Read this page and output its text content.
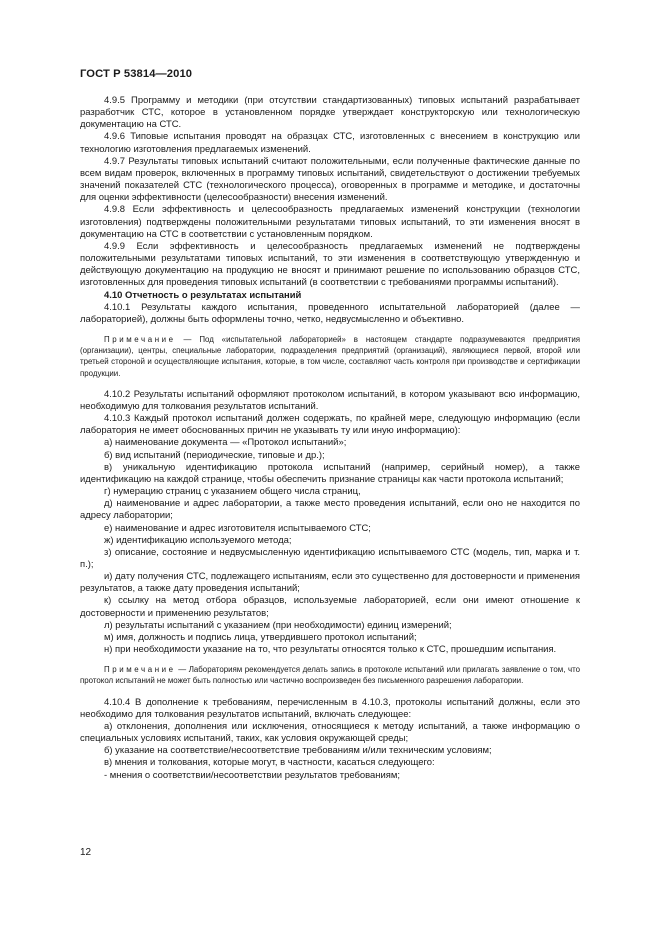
ГОСТ Р 53814—2010

4.9.5 Программу и методики (при отсутствии стандартизованных) типовых испытаний разрабатывает разработчик СТС, которое в установленном порядке утверждает конструкторскую или технологическую документацию на СТС.

4.9.6 Типовые испытания проводят на образцах СТС, изготовленных с внесением в конструкцию или технологию изготовления предлагаемых изменений.

4.9.7 Результаты типовых испытаний считают положительными, если полученные фактические данные по всем видам проверок, включенных в программу типовых испытаний, свидетельствуют о достижении требуемых значений показателей СТС (технологического процесса), оговоренных в программе и методике, и достаточны для оценки эффективности (целесообразности) внесения изменений.

4.9.8 Если эффективность и целесообразность предлагаемых изменений конструкции (технологии изготовления) подтверждены положительными результатами типовых испытаний, то эти изменения вносят в документацию на СТС в соответствии с установленным порядком.

4.9.9 Если эффективность и целесообразность предлагаемых изменений не подтверждены положительными результатами типовых испытаний, то эти изменения в соответствующую утвержденную и действующую документацию на продукцию не вносят и принимают решение по использованию образцов СТС, изготовленных для проведения типовых испытаний (в соответствии с требованиями программы испытаний).

4.10 Отчетность о результатах испытаний

4.10.1 Результаты каждого испытания, проведенного испытательной лабораторией (далее — лабораторией), должны быть оформлены точно, четко, недвусмысленно и объективно.

Примечание — Под «испытательной лабораторией» в настоящем стандарте подразумеваются предприятия (организации), центры, специальные лаборатории, подразделения предприятий (организаций), являющиеся первой, второй или третьей стороной и осуществляющие испытания, которые, в том числе, составляют часть контроля при производстве и сертификации продукции.

4.10.2 Результаты испытаний оформляют протоколом испытаний, в котором указывают всю информацию, необходимую для толкования результатов испытаний.

4.10.3 Каждый протокол испытаний должен содержать, по крайней мере, следующую информацию (если лаборатория не имеет обоснованных причин не указывать ту или иную информацию):

а) наименование документа — «Протокол испытаний»;

б) вид испытаний (периодические, типовые и др.);

в) уникальную идентификацию протокола испытаний (например, серийный номер), а также идентификацию на каждой странице, чтобы обеспечить признание страницы как части протокола испытаний;

г) нумерацию страниц с указанием общего числа страниц,

д) наименование и адрес лаборатории, а также место проведения испытаний, если оно не находится по адресу лаборатории;

е) наименование и адрес изготовителя испытываемого СТС;

ж) идентификацию используемого метода;

з) описание, состояние и недвусмысленную идентификацию испытываемого СТС (модель, тип, марка и т. п.);

и) дату получения СТС, подлежащего испытаниям, если это существенно для достоверности и применения результатов, а также дату проведения испытаний;

к) ссылку на метод отбора образцов, используемые лабораторией, если они имеют отношение к достоверности и применению результатов;

л) результаты испытаний с указанием (при необходимости) единиц измерений;

м) имя, должность и подпись лица, утвердившего протокол испытаний;

н) при необходимости указание на то, что результаты относятся только к СТС, прошедшим испытания.

Примечание — Лабораториям рекомендуется делать запись в протоколе испытаний или прилагать заявление о том, что протокол испытаний не может быть полностью или частично воспроизведен без письменного разрешения лаборатории.

4.10.4 В дополнение к требованиям, перечисленным в 4.10.3, протоколы испытаний должны, если это необходимо для толкования результатов испытаний, включать следующее:

а) отклонения, дополнения или исключения, относящиеся к методу испытаний, а также информацию о специальных условиях испытаний, таких, как условия окружающей среды;

б) указание на соответствие/несоответствие требованиям и/или техническим условиям;

в) мнения и толкования, которые могут, в частности, касаться следующего:

- мнения о соответствии/несоответствии результатов требованиям;

12
